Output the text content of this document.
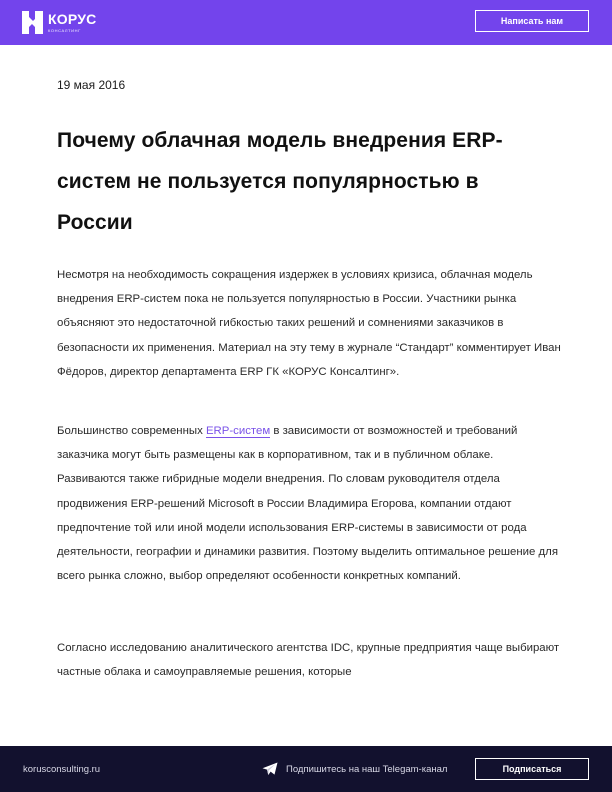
КОРУС
КОНСАЛТИНГ
Написать нам
19 мая 2016
Почему облачная модель внедрения ERP-систем не пользуется популярностью в России

Несмотря на необходимость сокращения издержек в условиях кризиса, облачная модель внедрения ERP-систем пока не пользуется популярностью в России. Участники рынка объясняют это недостаточной гибкостью таких решений и сомнениями заказчиков в безопасности их применения. Материал на эту тему в журнале “Стандарт” комментирует Иван Фёдоров, директор департамента ERP ГК «КОРУС Консалтинг».

Большинство современных ERP-систем в зависимости от возможностей и требований заказчика могут быть размещены как в корпоративном, так и в публичном облаке. Развиваются также гибридные модели внедрения. По словам руководителя отдела продвижения ERP-решений Microsoft в России Владимира Егорова, компании отдают предпочтение той или иной модели использования ERP-системы в зависимости от рода деятельности, географии и динамики развития. Поэтому выделить оптимальное решение для всего рынка сложно, выбор определяют особенности конкретных компаний.

Согласно исследованию аналитического агентства IDC, крупные предприятия чаще выбирают частные облака и самоуправляемые решения, которые

korusconsulting.ru	Подпишитесь на наш Telegam-канал	Подписаться
